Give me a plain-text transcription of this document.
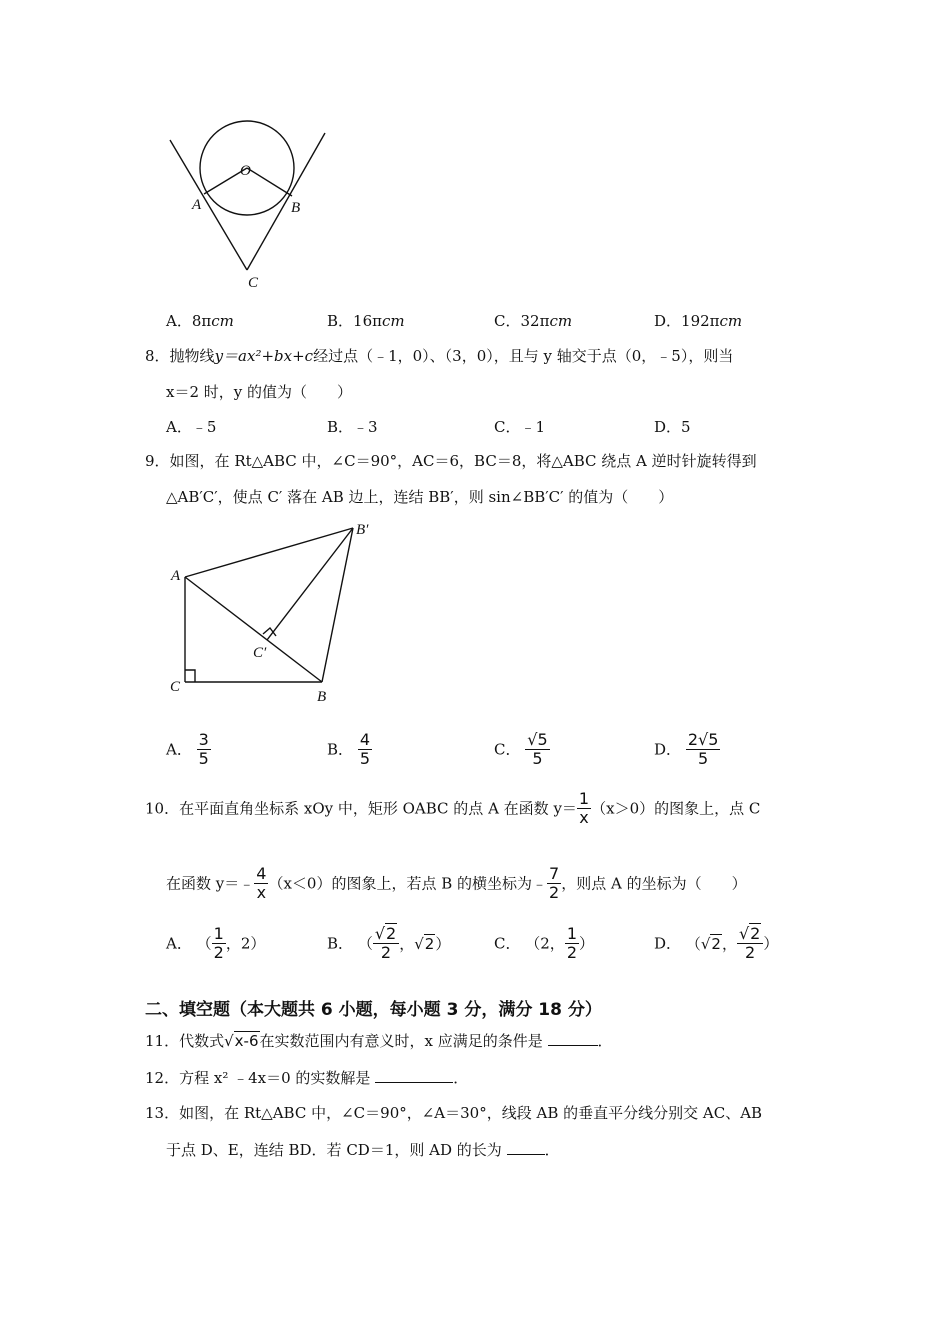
O
A	B
C
A．8πcm	B．16πcm	C．32πcm	D．192πcm
8．抛物线y＝ax²+bx+c经过点（﹣1，0）、（3，0），且与 y 轴交于点（0，﹣5），则当
x＝2 时，y 的值为（　　）
A．﹣5	B．﹣3	C．﹣1	D．5
9．如图，在 Rt△ABC 中，∠C＝90°，AC＝6，BC＝8，将△ABC 绕点 A 逆时针旋转得到
△AB′C′，使点 C′ 落在 AB 边上，连结 BB′，则 sin∠BB′C′ 的值为（　　）
A
B′
C′
C
B
A． $\frac{3}{5}$	B． $\frac{4}{5}$	C． $\frac{√5}{5}$	D． $\frac{2√5}{5}$
10．在平面直角坐标系 xOy 中，矩形 OABC 的点 A 在函数 $y= \frac{1}{x} (x>0)$的图象上，点 C
在函数 y＝﹣ $\frac{4}{x} (x<0)$的图象上，若点 B 的横坐标为﹣ $\frac{7}{2}$ ，则点 A 的坐标为（　　）
A． （ $\frac{1}{2}$ ，2）	B． （ $\frac{√2}{2}$ ，√2）	C． （2， $\frac{1}{2}$ ）	D． （√2， $\frac{√2}{2}$ ）
二、填空题（本大题共 6 小题，每小题 3 分，满分 18 分）
11．代数式√x-6在实数范围内有意义时，x 应满足的条件是	．
12．方程 x² ﹣4x＝0 的实数解是	．
13．如图，在 Rt△ABC 中，∠C＝90°，∠A＝30°，线段 AB 的垂直平分线分别交 AC、AB
于点 D、E，连结 BD．若 CD＝1，则 AD 的长为	．
